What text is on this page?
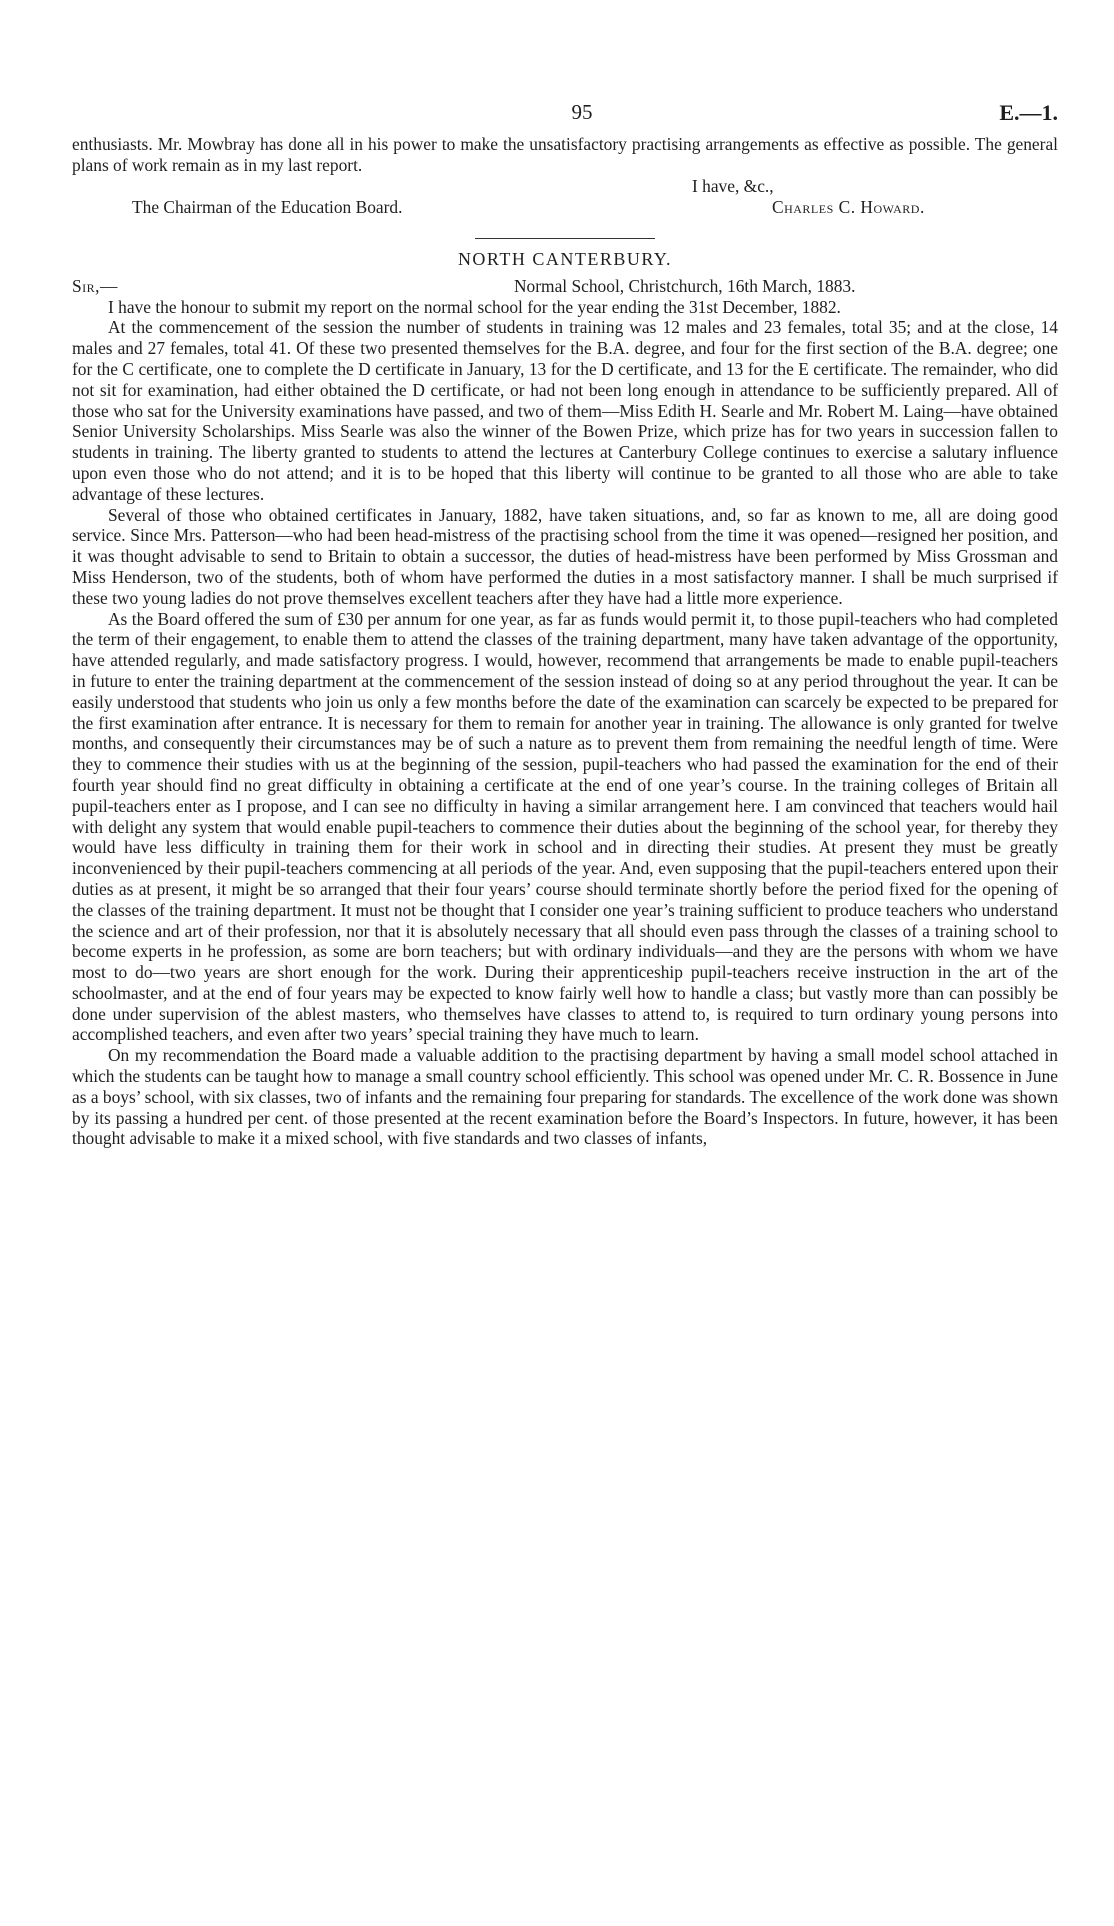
95	E.—1.

enthusiasts. Mr. Mowbray has done all in his power to make the unsatisfactory practising arrangements as effective as possible. The general plans of work remain as in my last report.

I have, &c.,
The Chairman of the Education Board.	Charles C. Howard.
NORTH CANTERBURY.
Sir,—	Normal School, Christchurch, 16th March, 1883.

I have the honour to submit my report on the normal school for the year ending the 31st December, 1882.

At the commencement of the session the number of students in training was 12 males and 23 females, total 35; and at the close, 14 males and 27 females, total 41. Of these two presented themselves for the B.A. degree, and four for the first section of the B.A. degree; one for the C certificate, one to complete the D certificate in January, 13 for the D certificate, and 13 for the E certificate. The remainder, who did not sit for examination, had either obtained the D certificate, or had not been long enough in attendance to be sufficiently prepared. All of those who sat for the University examinations have passed, and two of them—Miss Edith H. Searle and Mr. Robert M. Laing—have obtained Senior University Scholarships. Miss Searle was also the winner of the Bowen Prize, which prize has for two years in succession fallen to students in training. The liberty granted to students to attend the lectures at Canterbury College continues to exercise a salutary influence upon even those who do not attend; and it is to be hoped that this liberty will continue to be granted to all those who are able to take advantage of these lectures.

Several of those who obtained certificates in January, 1882, have taken situations, and, so far as known to me, all are doing good service. Since Mrs. Patterson—who had been head-mistress of the practising school from the time it was opened—resigned her position, and it was thought advisable to send to Britain to obtain a successor, the duties of head-mistress have been performed by Miss Grossman and Miss Henderson, two of the students, both of whom have performed the duties in a most satisfactory manner. I shall be much surprised if these two young ladies do not prove themselves excellent teachers after they have had a little more experience.

As the Board offered the sum of £30 per annum for one year, as far as funds would permit it, to those pupil-teachers who had completed the term of their engagement, to enable them to attend the classes of the training department, many have taken advantage of the opportunity, have attended regularly, and made satisfactory progress. I would, however, recommend that arrangements be made to enable pupil-teachers in future to enter the training department at the commencement of the session instead of doing so at any period throughout the year. It can be easily understood that students who join us only a few months before the date of the examination can scarcely be expected to be prepared for the first examination after entrance. It is necessary for them to remain for another year in training. The allowance is only granted for twelve months, and consequently their circumstances may be of such a nature as to prevent them from remaining the needful length of time. Were they to commence their studies with us at the beginning of the session, pupil-teachers who had passed the examination for the end of their fourth year should find no great difficulty in obtaining a certificate at the end of one year’s course. In the training colleges of Britain all pupil-teachers enter as I propose, and I can see no difficulty in having a similar arrangement here. I am convinced that teachers would hail with delight any system that would enable pupil-teachers to commence their duties about the beginning of the school year, for thereby they would have less difficulty in training them for their work in school and in directing their studies. At present they must be greatly inconvenienced by their pupil-teachers commencing at all periods of the year. And, even supposing that the pupil-teachers entered upon their duties as at present, it might be so arranged that their four years’ course should terminate shortly before the period fixed for the opening of the classes of the training department. It must not be thought that I consider one year’s training sufficient to produce teachers who understand the science and art of their profession, nor that it is absolutely necessary that all should even pass through the classes of a training school to become experts in he profession, as some are born teachers; but with ordinary individuals—and they are the persons with whom we have most to do—two years are short enough for the work. During their apprenticeship pupil-teachers receive instruction in the art of the schoolmaster, and at the end of four years may be expected to know fairly well how to handle a class; but vastly more than can possibly be done under supervision of the ablest masters, who themselves have classes to attend to, is required to turn ordinary young persons into accomplished teachers, and even after two years’ special training they have much to learn.

On my recommendation the Board made a valuable addition to the practising department by having a small model school attached in which the students can be taught how to manage a small country school efficiently. This school was opened under Mr. C. R. Bossence in June as a boys’ school, with six classes, two of infants and the remaining four preparing for standards. The excellence of the work done was shown by its passing a hundred per cent. of those presented at the recent examination before the Board’s Inspectors. In future, however, it has been thought advisable to make it a mixed school, with five standards and two classes of infants,
